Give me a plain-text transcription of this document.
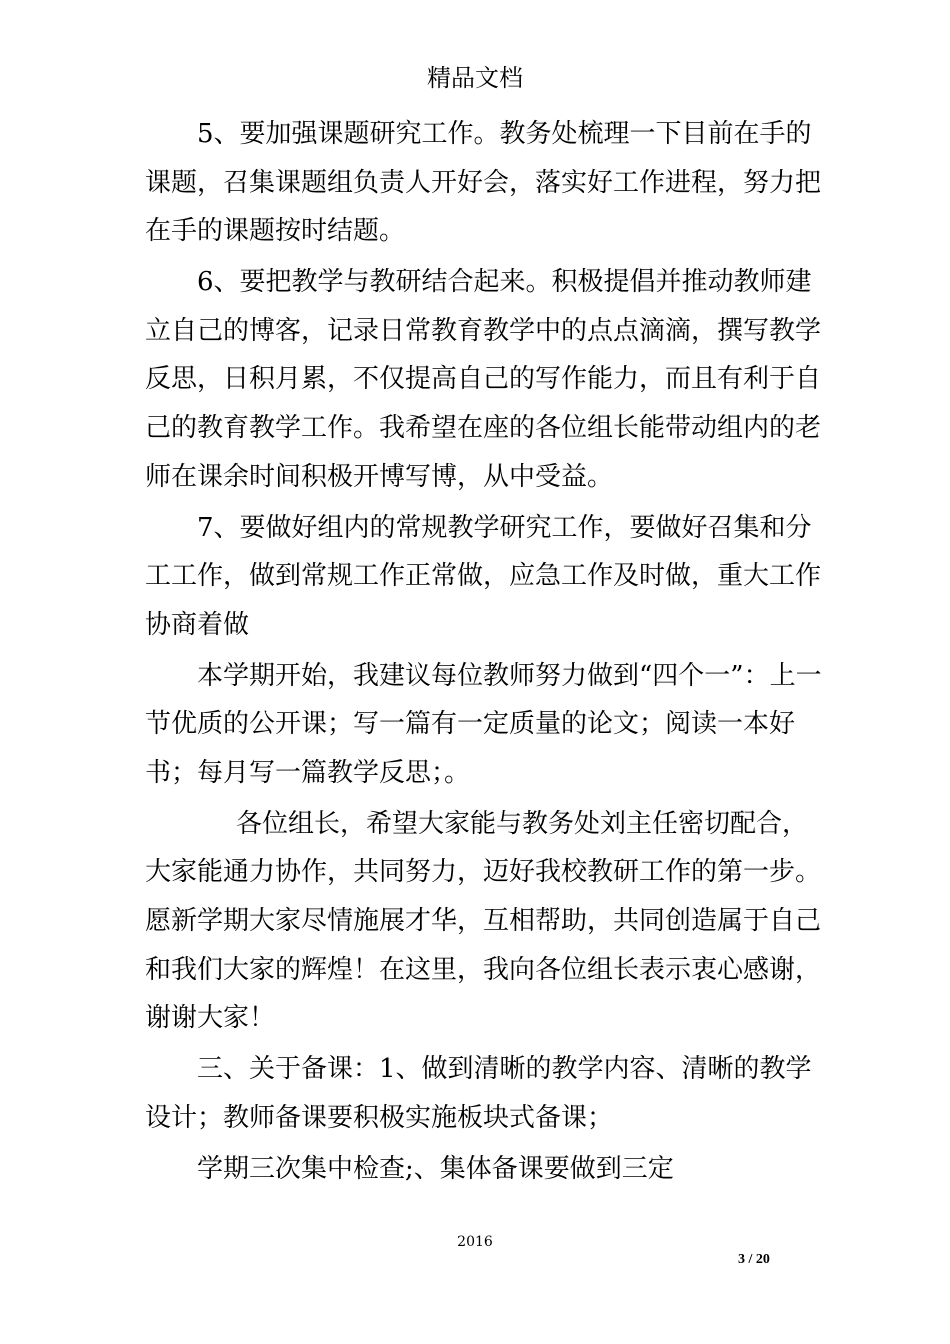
精品文档

5、要加强课题研究工作。教务处梳理一下目前在手的课题，召集课题组负责人开好会，落实好工作进程，努力把在手的课题按时结题。

6、要把教学与教研结合起来。积极提倡并推动教师建立自己的博客，记录日常教育教学中的点点滴滴，撰写教学反思，日积月累，不仅提高自己的写作能力，而且有利于自己的教育教学工作。我希望在座的各位组长能带动组内的老师在课余时间积极开博写博，从中受益。

7、要做好组内的常规教学研究工作，要做好召集和分工工作，做到常规工作正常做，应急工作及时做，重大工作协商着做

本学期开始，我建议每位教师努力做到“四个一”：上一节优质的公开课；写一篇有一定质量的论文；阅读一本好书；每月写一篇教学反思；。

各位组长，希望大家能与教务处刘主任密切配合，大家能通力协作，共同努力，迈好我校教研工作的第一步。愿新学期大家尽情施展才华，互相帮助，共同创造属于自己和我们大家的辉煌！在这里，我向各位组长表示衷心感谢，谢谢大家！

三、关于备课：1、做到清晰的教学内容、清晰的教学设计；教师备课要积极实施板块式备课；

学期三次集中检查;、集体备课要做到三定

2016
3 / 20
